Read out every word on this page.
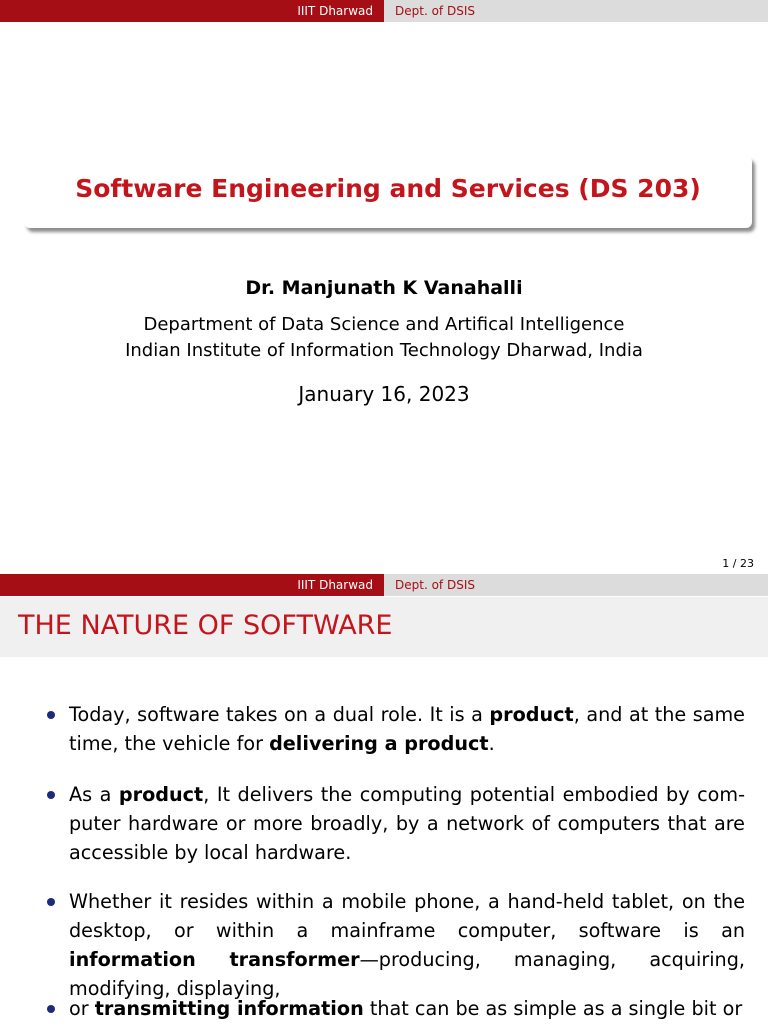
IIIT Dharwad	Dept. of DSIS
Software Engineering and Services (DS 203)
Dr. Manjunath K Vanahalli
Department of Data Science and Artifical Intelligence
Indian Institute of Information Technology Dharwad, India
January 16, 2023
1 / 23
IIIT Dharwad	Dept. of DSIS
THE NATURE OF SOFTWARE
Today, software takes on a dual role. It is a product, and at the same time, the vehicle for delivering a product.
As a product, It delivers the computing potential embodied by com- puter hardware or more broadly, by a network of computers that are accessible by local hardware.
Whether it resides within a mobile phone, a hand-held tablet, on the desktop, or within a mainframe computer, software is an information transformer—producing, managing, acquiring, modifying, displaying,
or transmitting information that can be as simple as a single bit or
